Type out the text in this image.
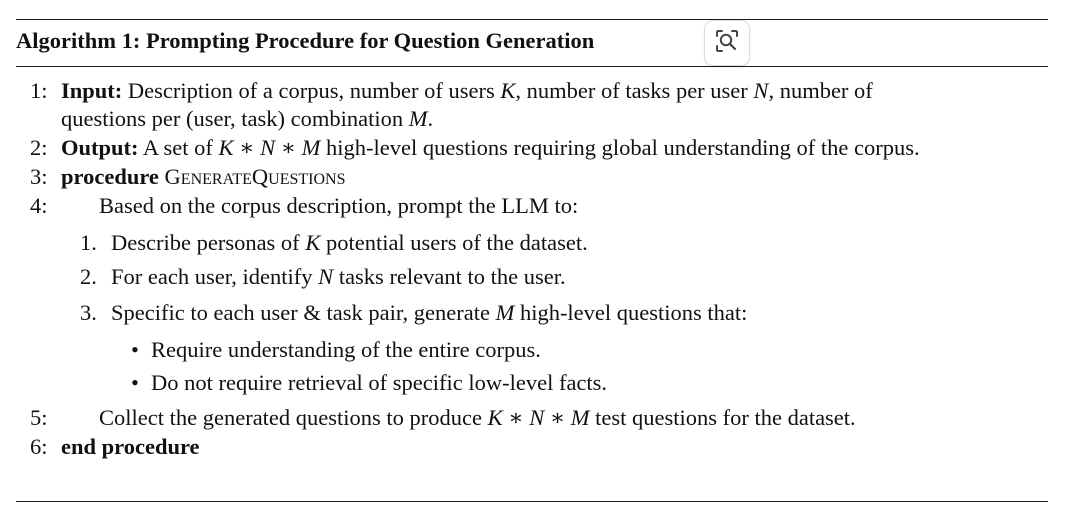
Algorithm 1: Prompting Procedure for Question Generation
1: Input: Description of a corpus, number of users K, number of tasks per user N, number of
questions per (user, task) combination M.
2: Output: A set of K ∗ N ∗ M high-level questions requiring global understanding of the corpus.
3: procedure GenerateQuestions
4: Based on the corpus description, prompt the LLM to:
1. Describe personas of K potential users of the dataset.
2. For each user, identify N tasks relevant to the user.
3. Specific to each user & task pair, generate M high-level questions that:
• Require understanding of the entire corpus.
• Do not require retrieval of specific low-level facts.
5: Collect the generated questions to produce K ∗ N ∗ M test questions for the dataset.
6: end procedure
